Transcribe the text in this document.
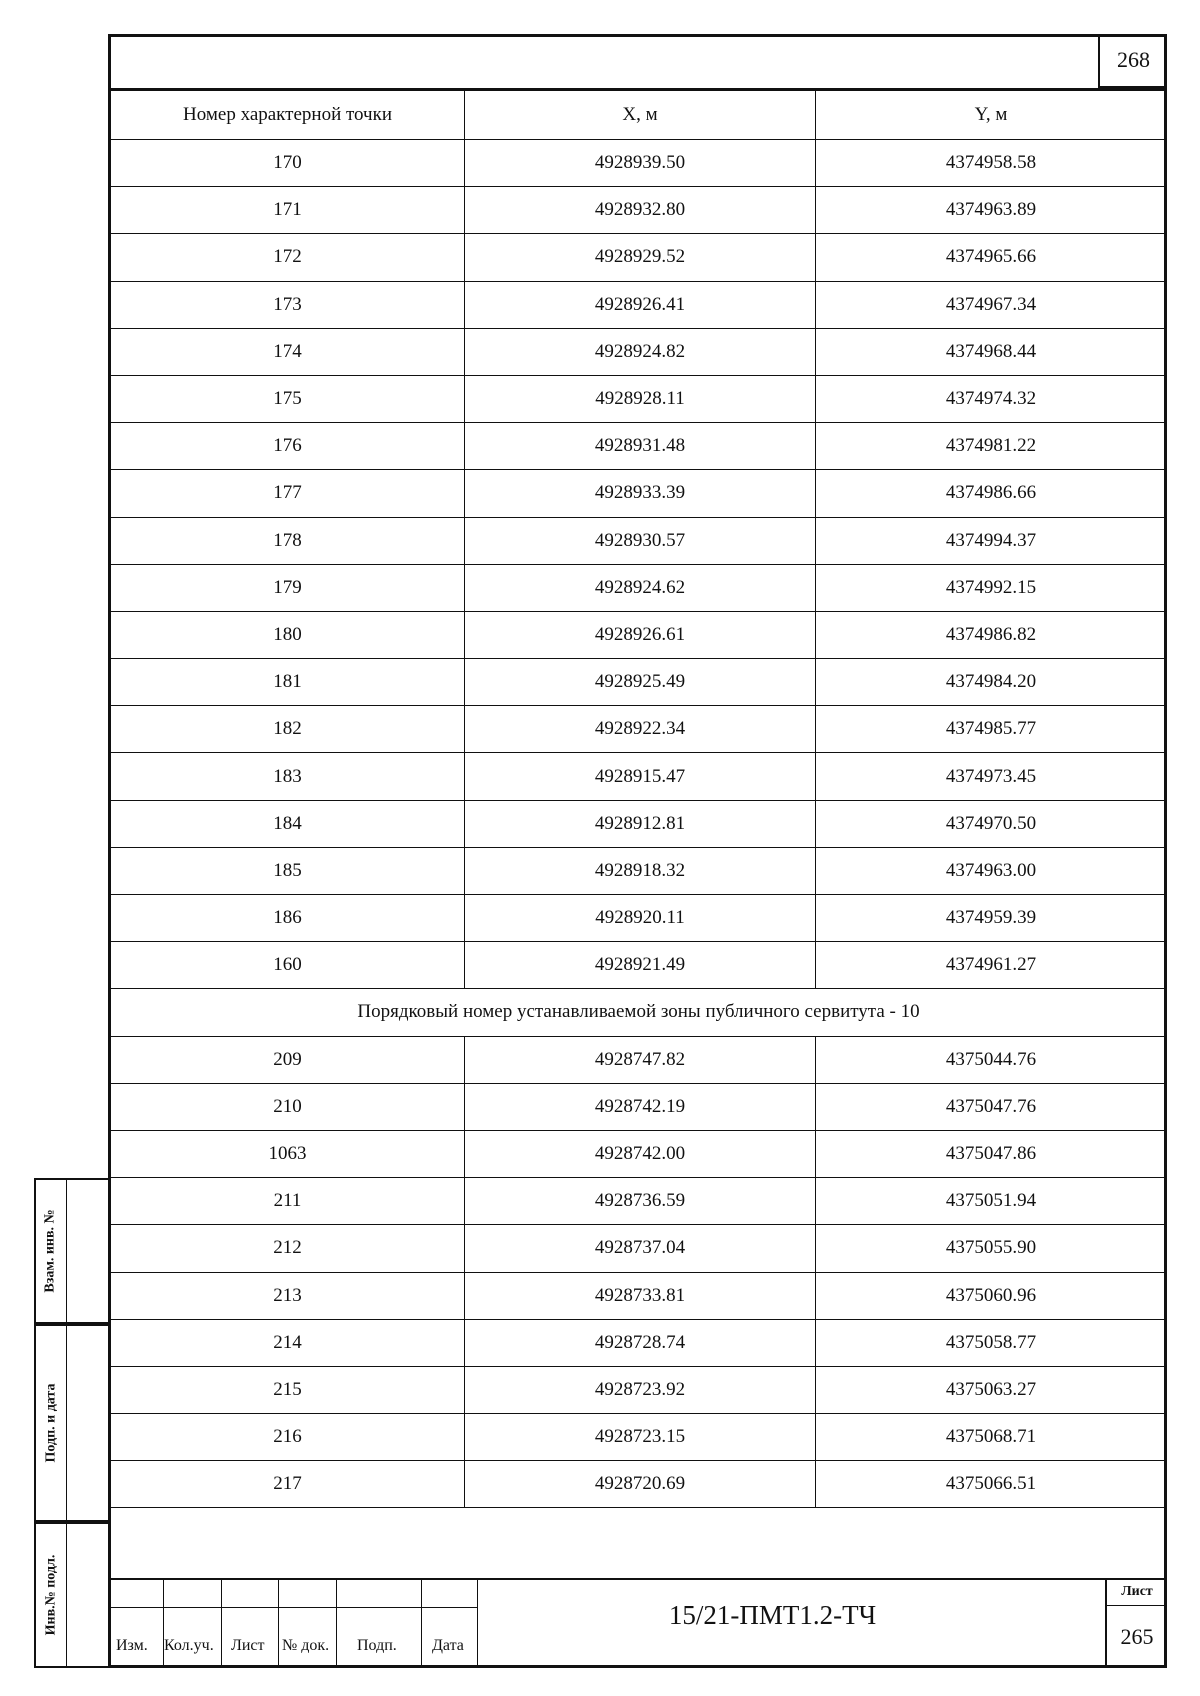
268
Номер характерной точки	X, м	Y, м
170	4928939.50	4374958.58
171	4928932.80	4374963.89
172	4928929.52	4374965.66
173	4928926.41	4374967.34
174	4928924.82	4374968.44
175	4928928.11	4374974.32
176	4928931.48	4374981.22
177	4928933.39	4374986.66
178	4928930.57	4374994.37
179	4928924.62	4374992.15
180	4928926.61	4374986.82
181	4928925.49	4374984.20
182	4928922.34	4374985.77
183	4928915.47	4374973.45
184	4928912.81	4374970.50
185	4928918.32	4374963.00
186	4928920.11	4374959.39
160	4928921.49	4374961.27
Порядковый номер устанавливаемой зоны публичного сервитута - 10		
209	4928747.82	4375044.76
210	4928742.19	4375047.76
1063	4928742.00	4375047.86
211	4928736.59	4375051.94
212	4928737.04	4375055.90
213	4928733.81	4375060.96
214	4928728.74	4375058.77
215	4928723.92	4375063.27
216	4928723.15	4375068.71
217	4928720.69	4375066.51
Взам. инв. №
Подп. и дата
Инв.№ подл.
Изм. Кол.уч. Лист № док. Подп. Дата
15/21-ПМТ1.2-ТЧ
Лист
265
